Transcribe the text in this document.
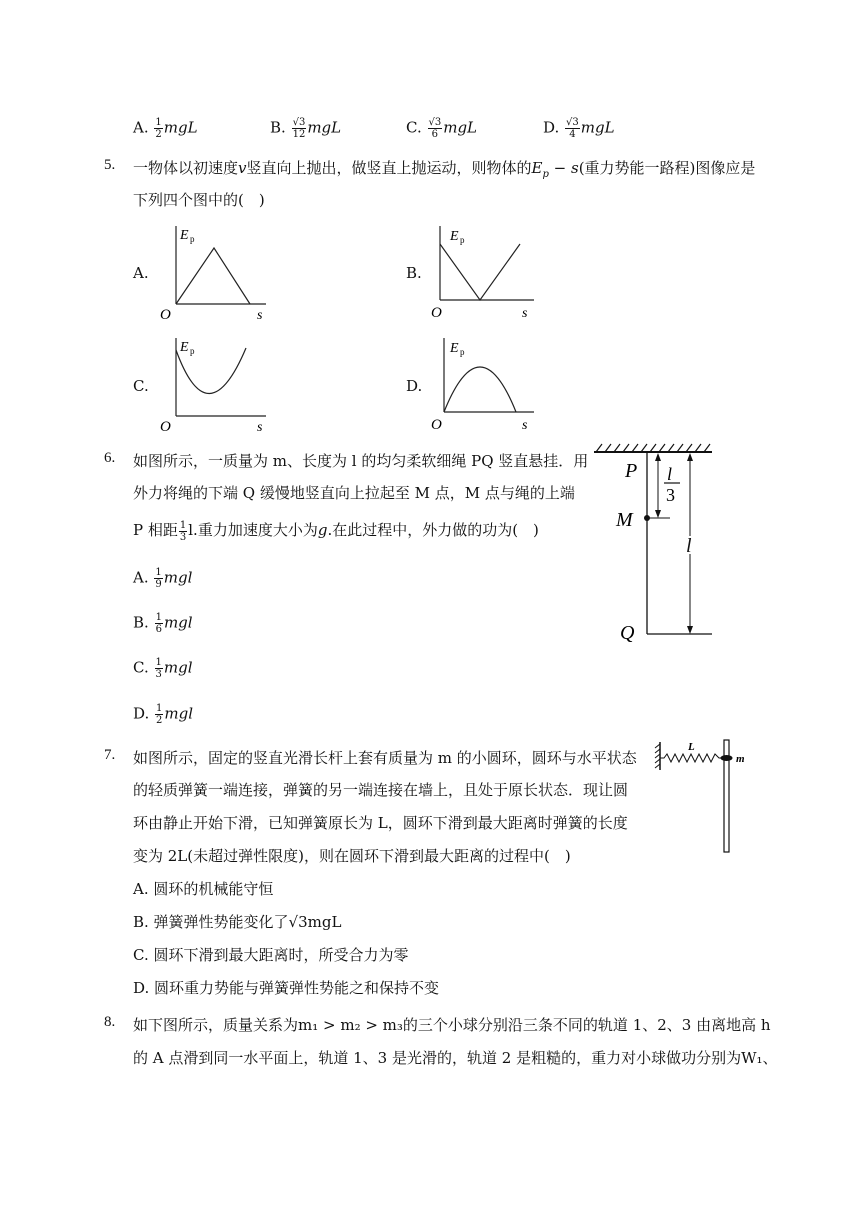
A. $\frac{1}{2}$ mgL	B. $\frac{√3}{12}$ mgL	C. $\frac{√3}{6}$ mgL	D. $\frac{√3}{4}$ mgL
5. 一物体以初速度v竖直向上抛出，做竖直上抛运动，则物体的$E_p - s$(重力势能一路程)图像应是
下列四个图中的(　)
A.	B.
C.	D.
E p
O	s
E p
O	s
E p
O	s
E p
O	s
6. 如图所示，一质量为 m、长度为 l 的均匀柔软细绳 PQ 竖直悬挂．用
外力将绳的下端 Q 缓慢地竖直向上拉起至 M 点，M 点与绳的上端
P 相距 $\frac{1}{3} l$.重力加速度大小为g.在此过程中，外力做的功为(　)
A. $\frac{1}{9}$ mgl
B. $\frac{1}{6}$ mgl
C. $\frac{1}{3}$ mgl
D. $\frac{1}{2}$ mgl
P
M
Q
l
3
l
7. 如图所示，固定的竖直光滑长杆上套有质量为 m 的小圆环，圆环与水平状态
的轻质弹簧一端连接，弹簧的另一端连接在墙上，且处于原长状态．现让圆
环由静止开始下滑，已知弹簧原长为 L，圆环下滑到最大距离时弹簧的长度
变为 2L(未超过弹性限度)，则在圆环下滑到最大距离的过程中(　)
A. 圆环的机械能守恒
B. 弹簧弹性势能变化了√3mgL
C. 圆环下滑到最大距离时，所受合力为零
D. 圆环重力势能与弹簧弹性势能之和保持不变
L
m
8. 如下图所示，质量关系为m₁ > m₂ > m₃的三个小球分别沿三条不同的轨道 1、2、3 由离地高 h
的 A 点滑到同一水平面上，轨道 1、3 是光滑的，轨道 2 是粗糙的，重力对小球做功分别为W₁、
